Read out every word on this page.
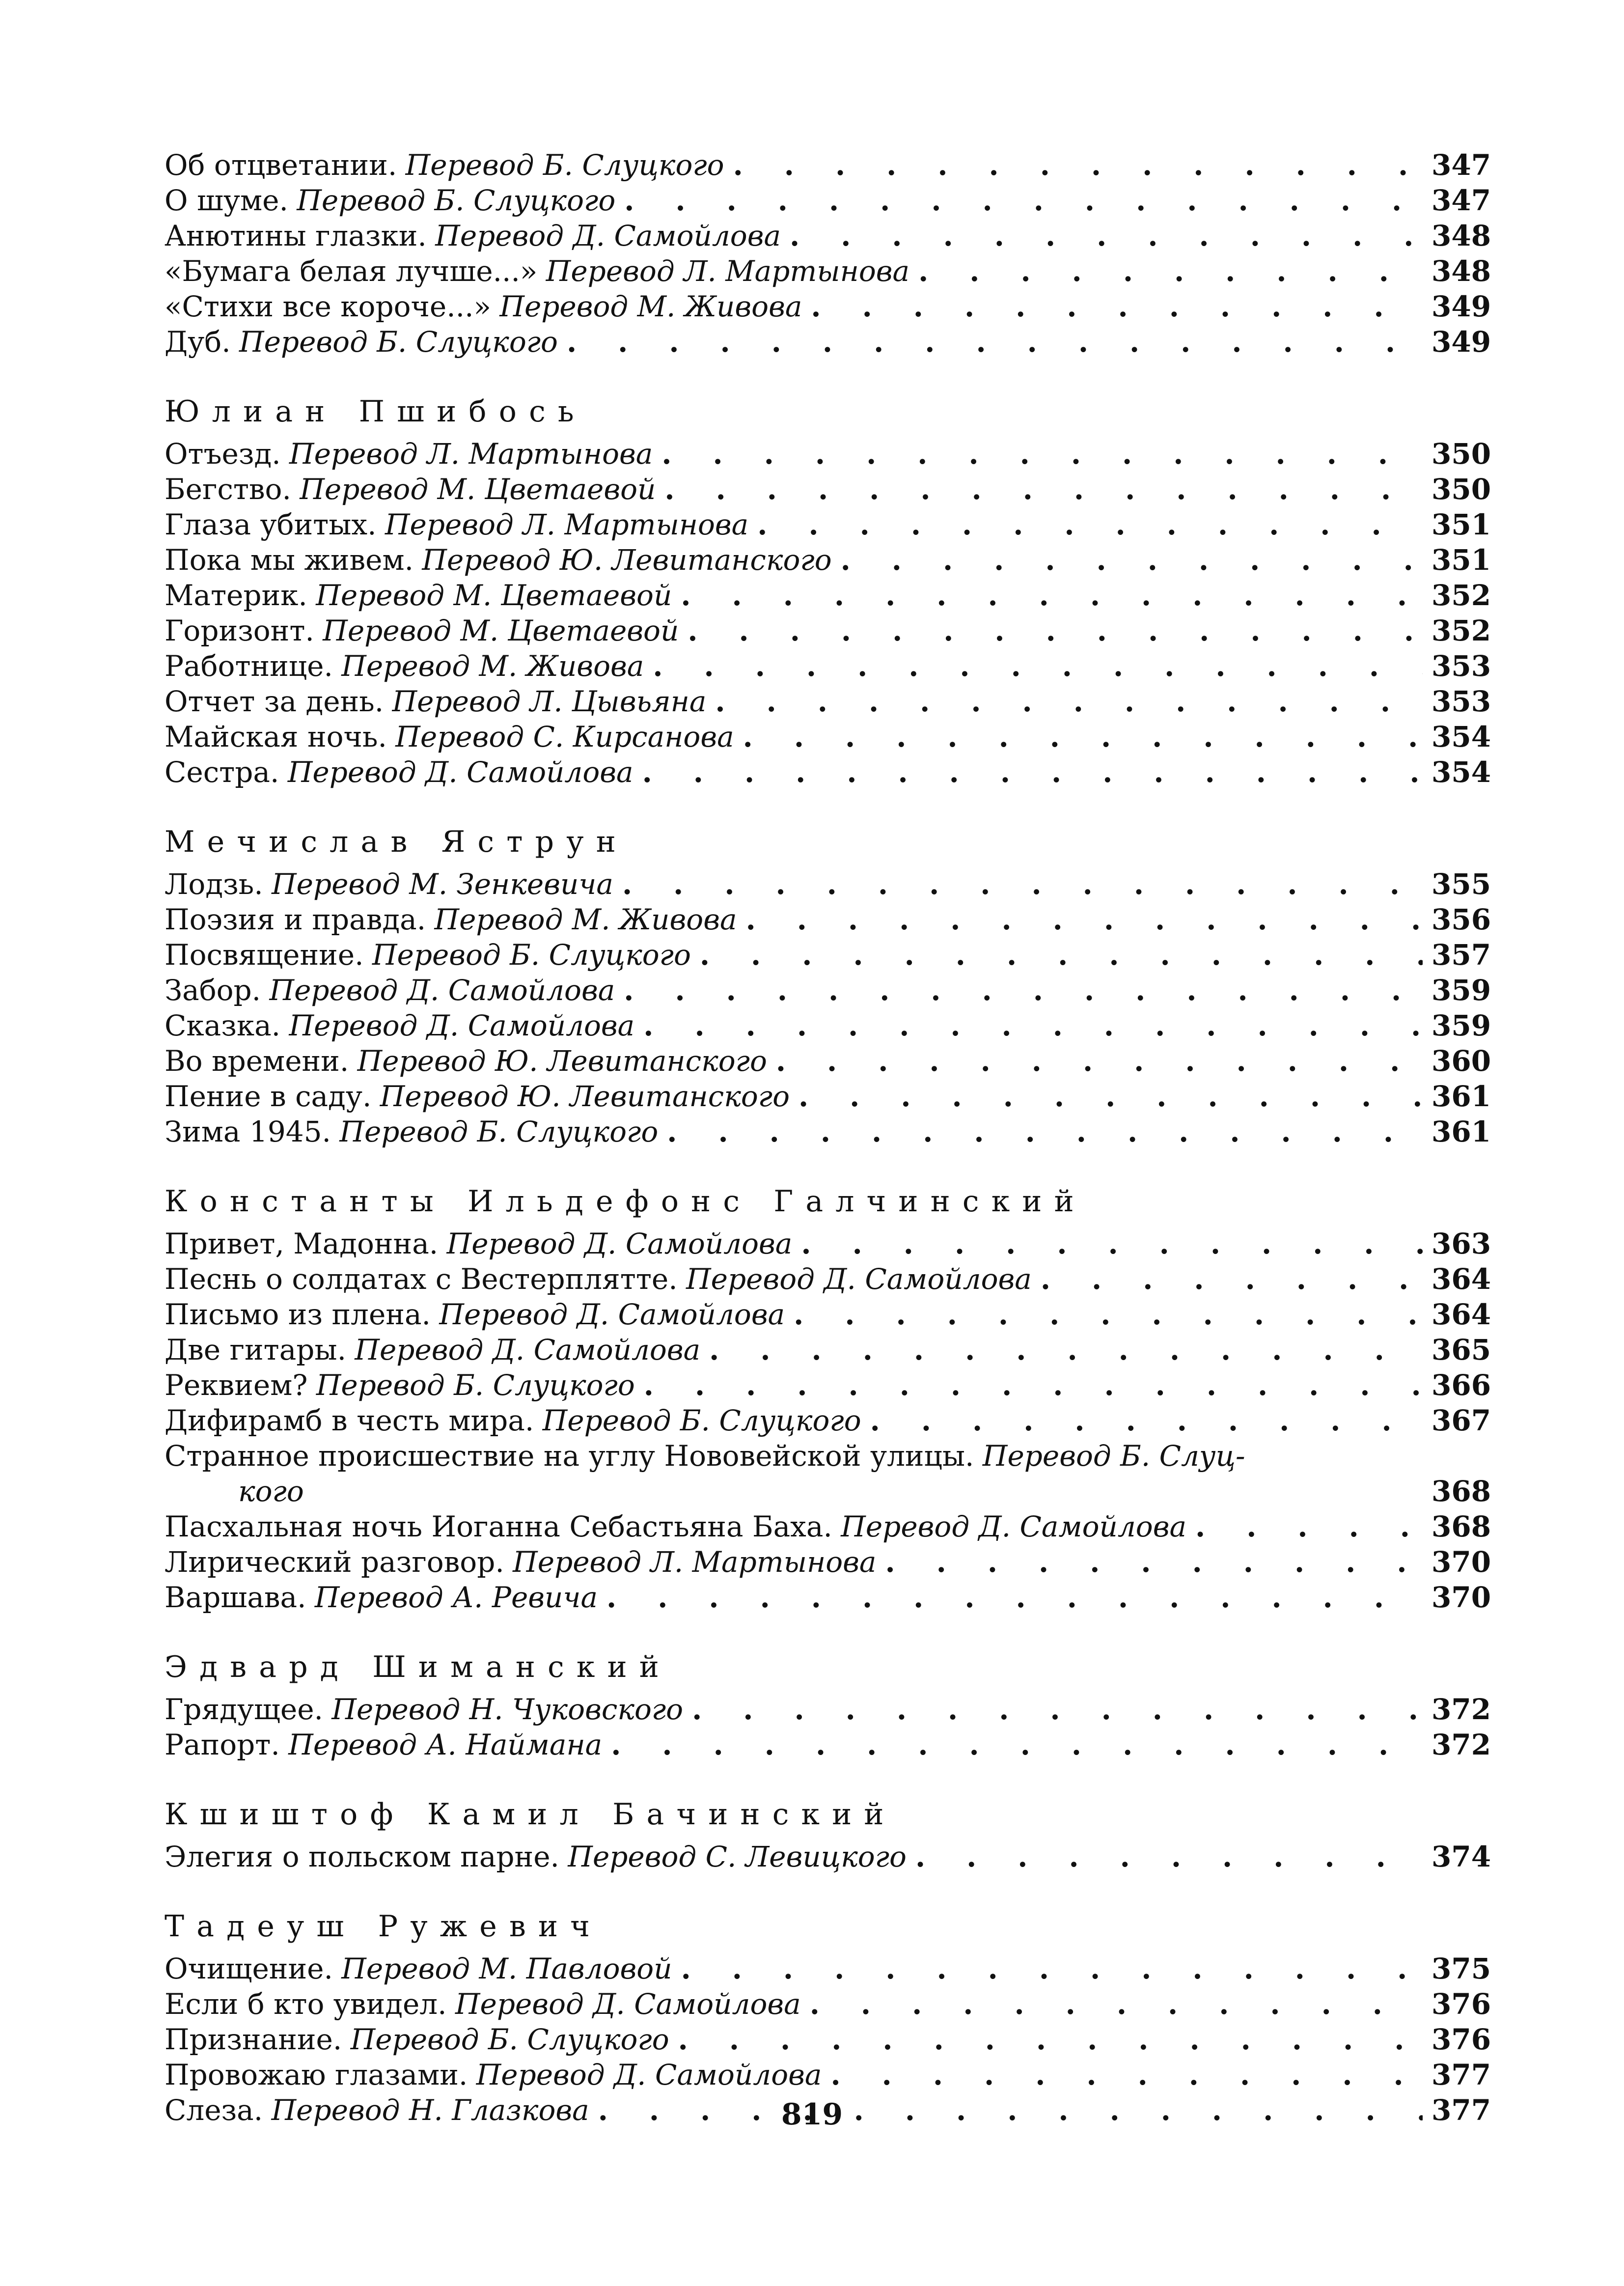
Об отцветании. Перевод Б. Слуцкого . . .	347
О шуме. Перевод Б. Слуцкого . . .	347
Анютины глазки. Перевод Д. Самойлова . . .	348
«Бумага белая лучше...» Перевод Л. Мартынова . . .	348
«Стихи все короче...» Перевод М. Живова . . .	349
Дуб. Перевод Б. Слуцкого . . .	349
Юлиан Пшибось
Отъезд. Перевод Л. Мартынова . . .	350
Бегство. Перевод М. Цветаевой . . .	350
Глаза убитых. Перевод Л. Мартынова . . .	351
Пока мы живем. Перевод Ю. Левитанского . . .	351
Материк. Перевод М. Цветаевой . . .	352
Горизонт. Перевод М. Цветаевой . . .	352
Работнице. Перевод М. Живова . . .	353
Отчет за день. Перевод Л. Цывьяна . . .	353
Майская ночь. Перевод С. Кирсанова . . .	354
Сестра. Перевод Д. Самойлова . . .	354
Мечислав Яструн
Лодзь. Перевод М. Зенкевича . . .	355
Поэзия и правда. Перевод М. Живова . . .	356
Посвящение. Перевод Б. Слуцкого . . .	357
Забор. Перевод Д. Самойлова . . .	359
Сказка. Перевод Д. Самойлова . . .	359
Во времени. Перевод Ю. Левитанского . . .	360
Пение в саду. Перевод Ю. Левитанского . . .	361
Зима 1945. Перевод Б. Слуцкого . . .	361
Константы Ильдефонс Галчинский
Привет, Мадонна. Перевод Д. Самойлова . . .	363
Песнь о солдатах с Вестерплятте. Перевод Д. Самойлова . . .	364
Письмо из плена. Перевод Д. Самойлова . . .	364
Две гитары. Перевод Д. Самойлова . . .	365
Реквием? Перевод Б. Слуцкого . . .	366
Дифирамб в честь мира. Перевод Б. Слуцкого . . .	367
Странное происшествие на углу Нововейской улицы. Перевод Б. Слуц-
кого	368
Пасхальная ночь Иоганна Себастьяна Баха. Перевод Д. Самойлова . . .	368
Лирический разговор. Перевод Л. Мартынова . . .	370
Варшава. Перевод А. Ревича . . .	370
Эдвард Шиманский
Грядущее. Перевод Н. Чуковского . . .	372
Рапорт. Перевод А. Наймана . . .	372
Кшиштоф Камил Бачинский
Элегия о польском парне. Перевод С. Левицкого . . .	374
Тадеуш Ружевич
Очищение. Перевод М. Павловой . . .	375
Если б кто увидел. Перевод Д. Самойлова . . .	376
Признание. Перевод Б. Слуцкого . . .	376
Провожаю глазами. Перевод Д. Самойлова . . .	377
Слеза. Перевод Н. Глазкова . . .	377
819
